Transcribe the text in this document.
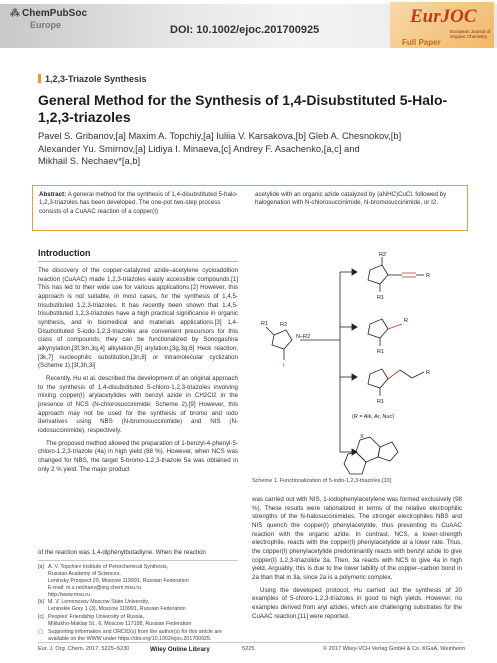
⁂ ChemPubSoc
Europe	DOI: 10.1002/ejoc.201700925
EurJOC
European Journal of Organic Chemistry
Full Paper
1,2,3-Triazole Synthesis
General Method for the Synthesis of 1,4-Disubstituted 5-Halo-1,2,3-triazoles
Pavel S. Gribanov,[a] Maxim A. Topchiy,[a] Iuliia V. Karsakova,[b] Gleb A. Chesnokov,[b]
Alexander Yu. Smirnov,[a] Lidiya I. Minaeva,[c] Andrey F. Asachenko,[a,c] and
Mikhail S. Nechaev*[a,b]
Abstract: A general method for the synthesis of 1,4-disubstituted 5-halo-1,2,3-triazoles has been developed. The one-pot two-step process consists of a CuAAC reaction of a copper(I)
acetylide with an organic azide catalyzed by (aNHC)CuCl, followed by halogenation with N-chlorosuccinimide, N-bromosuccinimide, or I2.
Introduction

The discovery of the copper-catalyzed azide–acetylene cycloaddition reaction (CuAAC) made 1,2,3-triazoles easily accessible compounds.[1] This has led to their wide use for various applications.[2] However, this approach is not suitable, in most cases, for the synthesis of 1,4,5-trisubstituted 1,2,3-triazoles. It has recently been shown that 1,4,5-trisubstituted 1,2,3-triazoles have a high practical significance in organic synthesis, and in biomedical and materials applications.[3] 1,4-Disubstituted 5-iodo-1,2,3-triazoles are convenient precursors for this class of compounds; they can be functionalized by Sonogashira alkynylation,[3f,3m,3q,4] alkylation,[5] arylation,[3g,3q,6] Heck reaction,[3k,7] nucleophilic substitution,[3n,8] or intramolecular cyclization (Scheme 1).[3f,3h,3i]

Recently, Hu et al. described the development of an original approach to the synthesis of 1,4-disubstituted 5-chloro-1,2,3-triazoles involving mixing copper(I) arylacetylides with benzyl azide in CH2Cl2 in the presence of NCS (N-chlorosuccinimide; Scheme 2).[9] However, this approach may not be used for the synthesis of bromo and iodo derivatives using NBS (N-bromosuccinimide) and NIS (N-iodosuccinimide), respectively.

The proposed method allowed the preparation of 1-benzyl-4-phenyl-5-chloro-1,2,3-triazole (4a) in high yield (88 %). However, when NCS was changed for NBS, the target 5-bromo-1,2,3-triazole 5a was obtained in only 2 % yield. The major product

of the reaction was 1,4-diphenylbutadiyne. When the reaction
R2
N–R2
R1
I
R2
R1
R
R1
R
R1
R
(R = Alk, Ar, Nuc)
X
Scheme 1. Functionalization of 5-iodo-1,2,3-triazoles.[10]

was carried out with NIS, 1-iodophenylacetylene was formed exclusively (98 %). These results were rationalized in terms of the relative electrophilic strengths of the N-halosuccinimides. The stronger electrophiles NBS and NIS quench the copper(I) phenylacetylide, thus preventing its CuAAC reaction with the organic azide. In contrast, NCS, a lower-strength electrophile, reacts with the copper(I) phenylacetylide at a lower rate. Thus, the copper(I) phenylacetylide predominantly reacts with benzyl azide to give copper(I) 1,2,3-triazolide 3a. Then, 3a reacts with NCS to give 4a in high yield. Arguably, this is due to the lower lability of the copper–carbon bond in 2a than that in 3a, since 2a is a polymeric complex.

Using the developed protocol, Hu carried out the synthesis of 20 examples of 5-chloro-1,2,3-triazoles in good to high yields. However, no examples derived from aryl azides, which are challenging substrates for the CuAAC reaction,[11] were reported.

[a] A. V. Topchiev Institute of Petrochemical Synthesis,
Russian Academy of Sciences,
Leninsky Prospect 29, Moscow 119991, Russian Federation
E-mail: m.s.nechaev@org.chem.msu.ru
http://www.msu.ru
[b] M. V. Lomonosov Moscow State University,
Leninskie Gory 1 (3), Moscow 119991, Russian Federation
[c] Peoples' Friendship University of Russia,
Miklukho-Maklay St., 6, Moscow 117198, Russian Federation
▢ Supporting information and ORCID(s) from the author(s) for this article are
available on the WWW under https://doi.org/10.1002/ejoc.201700925.
Eur. J. Org. Chem. 2017, 5225–5230	Wiley Online Library	5225	© 2017 Wiley-VCH Verlag GmbH & Co. KGaA, Weinheim
